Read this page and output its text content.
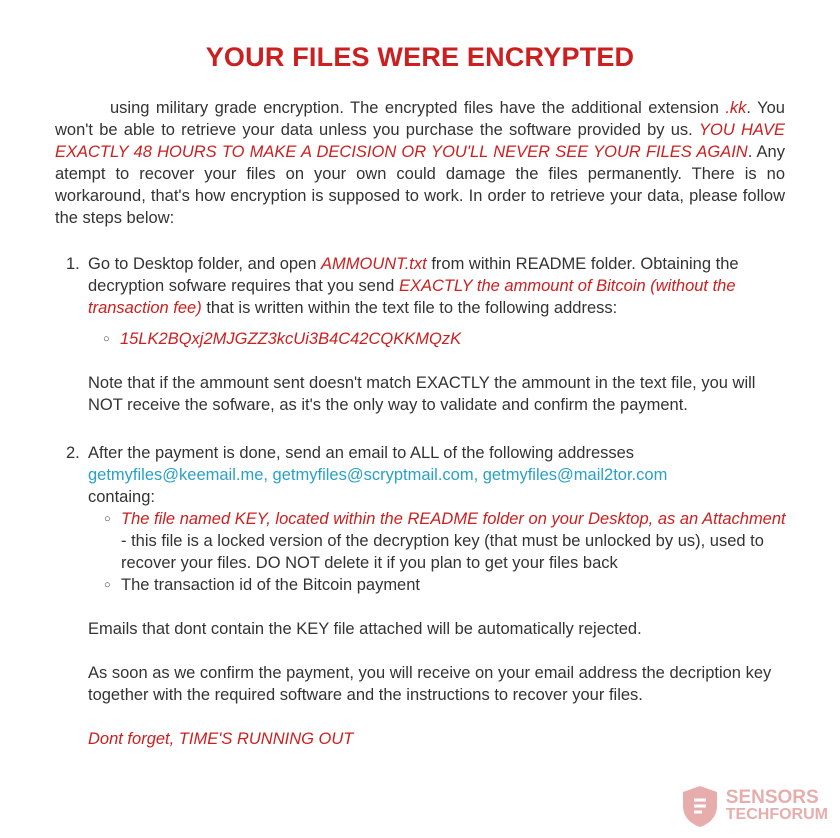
YOUR FILES WERE ENCRYPTED
using military grade encryption. The encrypted files have the additional extension .kk. You won't be able to retrieve your data unless you purchase the software provided by us. YOU HAVE EXACTLY 48 HOURS TO MAKE A DECISION OR YOU'LL NEVER SEE YOUR FILES AGAIN. Any atempt to recover your files on your own could damage the files permanently. There is no workaround, that's how encryption is supposed to work. In order to retrieve your data, please follow the steps below:
1. Go to Desktop folder, and open AMMOUNT.txt from within README folder. Obtaining the decryption sofware requires that you send EXACTLY the ammount of Bitcoin (without the transaction fee) that is written within the text file to the following address:

○ 15LK2BQxj2MJGZZ3kcUi3B4C42CQKKMQzK

Note that if the ammount sent doesn't match EXACTLY the ammount in the text file, you will NOT receive the sofware, as it's the only way to validate and confirm the payment.

2. After the payment is done, send an email to ALL of the following addresses
getmyfiles@keemail.me, getmyfiles@scryptmail.com, getmyfiles@mail2tor.com
containg:

○ The file named KEY, located within the README folder on your Desktop, as an Attachment - this file is a locked version of the decryption key (that must be unlocked by us), used to recover your files. DO NOT delete it if you plan to get your files back
○ The transaction id of the Bitcoin payment

Emails that dont contain the KEY file attached will be automatically rejected.

As soon as we confirm the payment, you will receive on your email address the decription key together with the required software and the instructions to recover your files.

Dont forget, TIME'S RUNNING OUT

SENSORS
TECHFORUM
